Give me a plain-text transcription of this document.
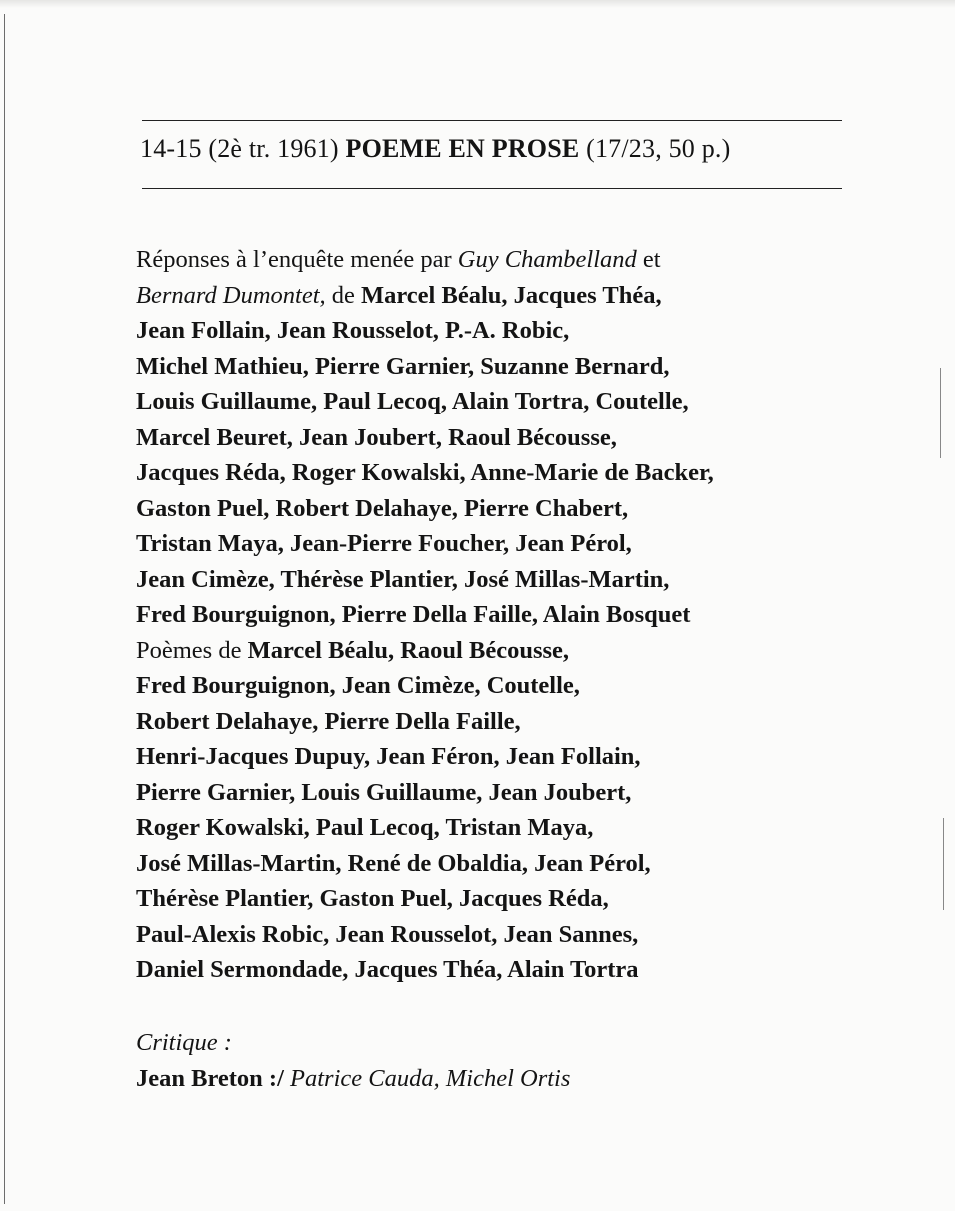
14-15 (2è tr. 1961) POEME EN PROSE (17/23, 50 p.)
Réponses à l’enquête menée par Guy Chambelland et
Bernard Dumontet, de Marcel Béalu, Jacques Théa,
Jean Follain, Jean Rousselot, P.-A. Robic,
Michel Mathieu, Pierre Garnier, Suzanne Bernard,
Louis Guillaume, Paul Lecoq, Alain Tortra, Coutelle,
Marcel Beuret, Jean Joubert, Raoul Bécousse,
Jacques Réda, Roger Kowalski, Anne-Marie de Backer,
Gaston Puel, Robert Delahaye, Pierre Chabert,
Tristan Maya, Jean-Pierre Foucher, Jean Pérol,
Jean Cimèze, Thérèse Plantier, José Millas-Martin,
Fred Bourguignon, Pierre Della Faille, Alain Bosquet
Poèmes de Marcel Béalu, Raoul Bécousse,
Fred Bourguignon, Jean Cimèze, Coutelle,
Robert Delahaye, Pierre Della Faille,
Henri-Jacques Dupuy, Jean Féron, Jean Follain,
Pierre Garnier, Louis Guillaume, Jean Joubert,
Roger Kowalski, Paul Lecoq, Tristan Maya,
José Millas-Martin, René de Obaldia, Jean Pérol,
Thérèse Plantier, Gaston Puel, Jacques Réda,
Paul-Alexis Robic, Jean Rousselot, Jean Sannes,
Daniel Sermondade, Jacques Théa, Alain Tortra
Critique :
Jean Breton :/ Patrice Cauda, Michel Ortis
